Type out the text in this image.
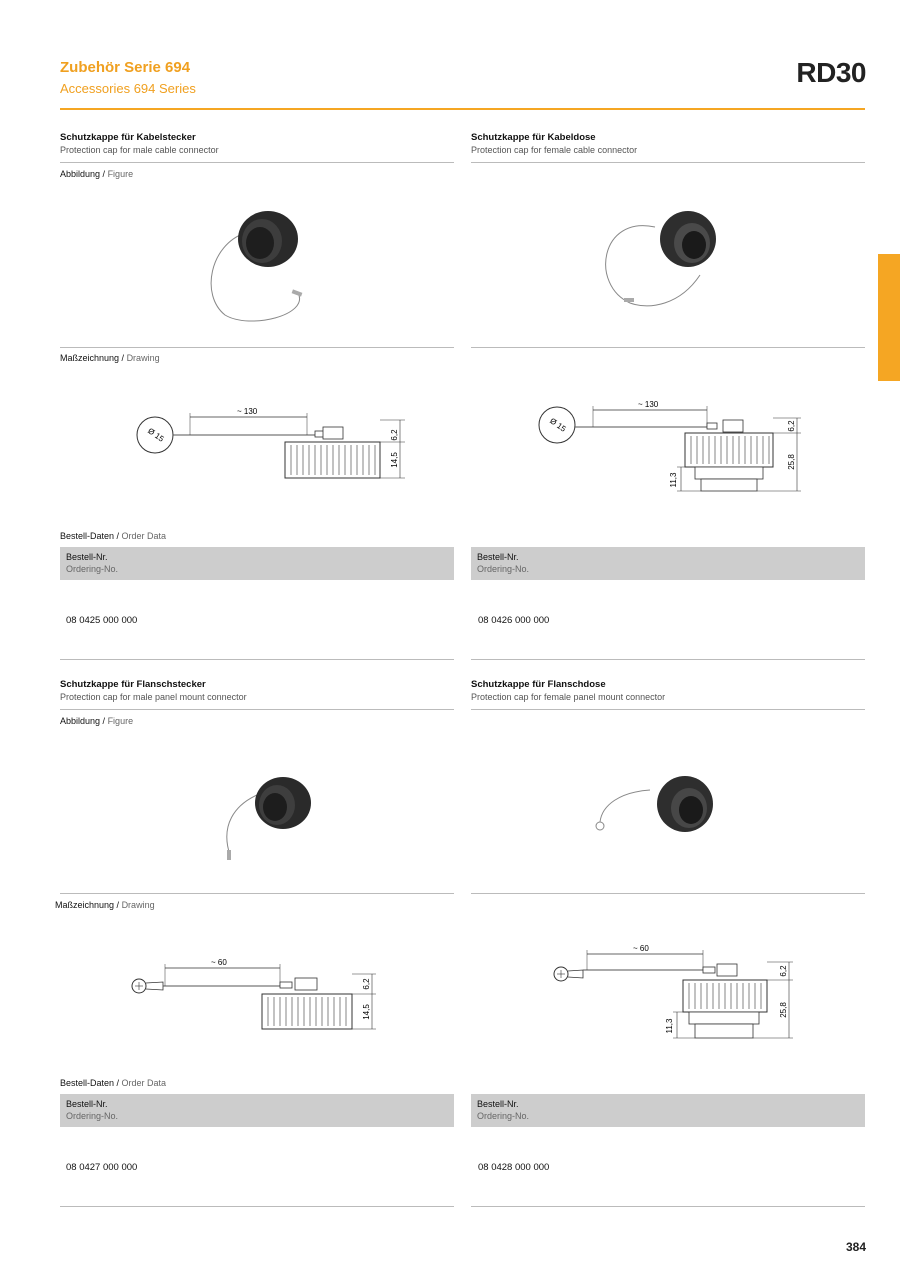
Zubehör Serie 694
Accessories 694 Series
RD30
Schutzkappe für Kabelstecker
Protection cap for male cable connector
Abbildung / Figure
Maßzeichnung / Drawing
Ø 15
~ 130
6,2
14,5
Bestell-Daten / Order Data
Bestell-Nr.
Ordering-No.
08 0425 000 000
Schutzkappe für Kabeldose
Protection cap for female cable connector
Ø 15
~ 130
6,2
25,8
11,3
Bestell-Nr.
Ordering-No.
08 0426 000 000
Schutzkappe für Flanschstecker
Protection cap for male panel mount connector
Abbildung / Figure
Maßzeichnung / Drawing
~ 60
6,2
14,5
Bestell-Daten / Order Data
Bestell-Nr.
Ordering-No.
08 0427 000 000
Schutzkappe für Flanschdose
Protection cap for female panel mount connector
~ 60
6,2
25,8
11,3
Bestell-Nr.
Ordering-No.
08 0428 000 000
384
